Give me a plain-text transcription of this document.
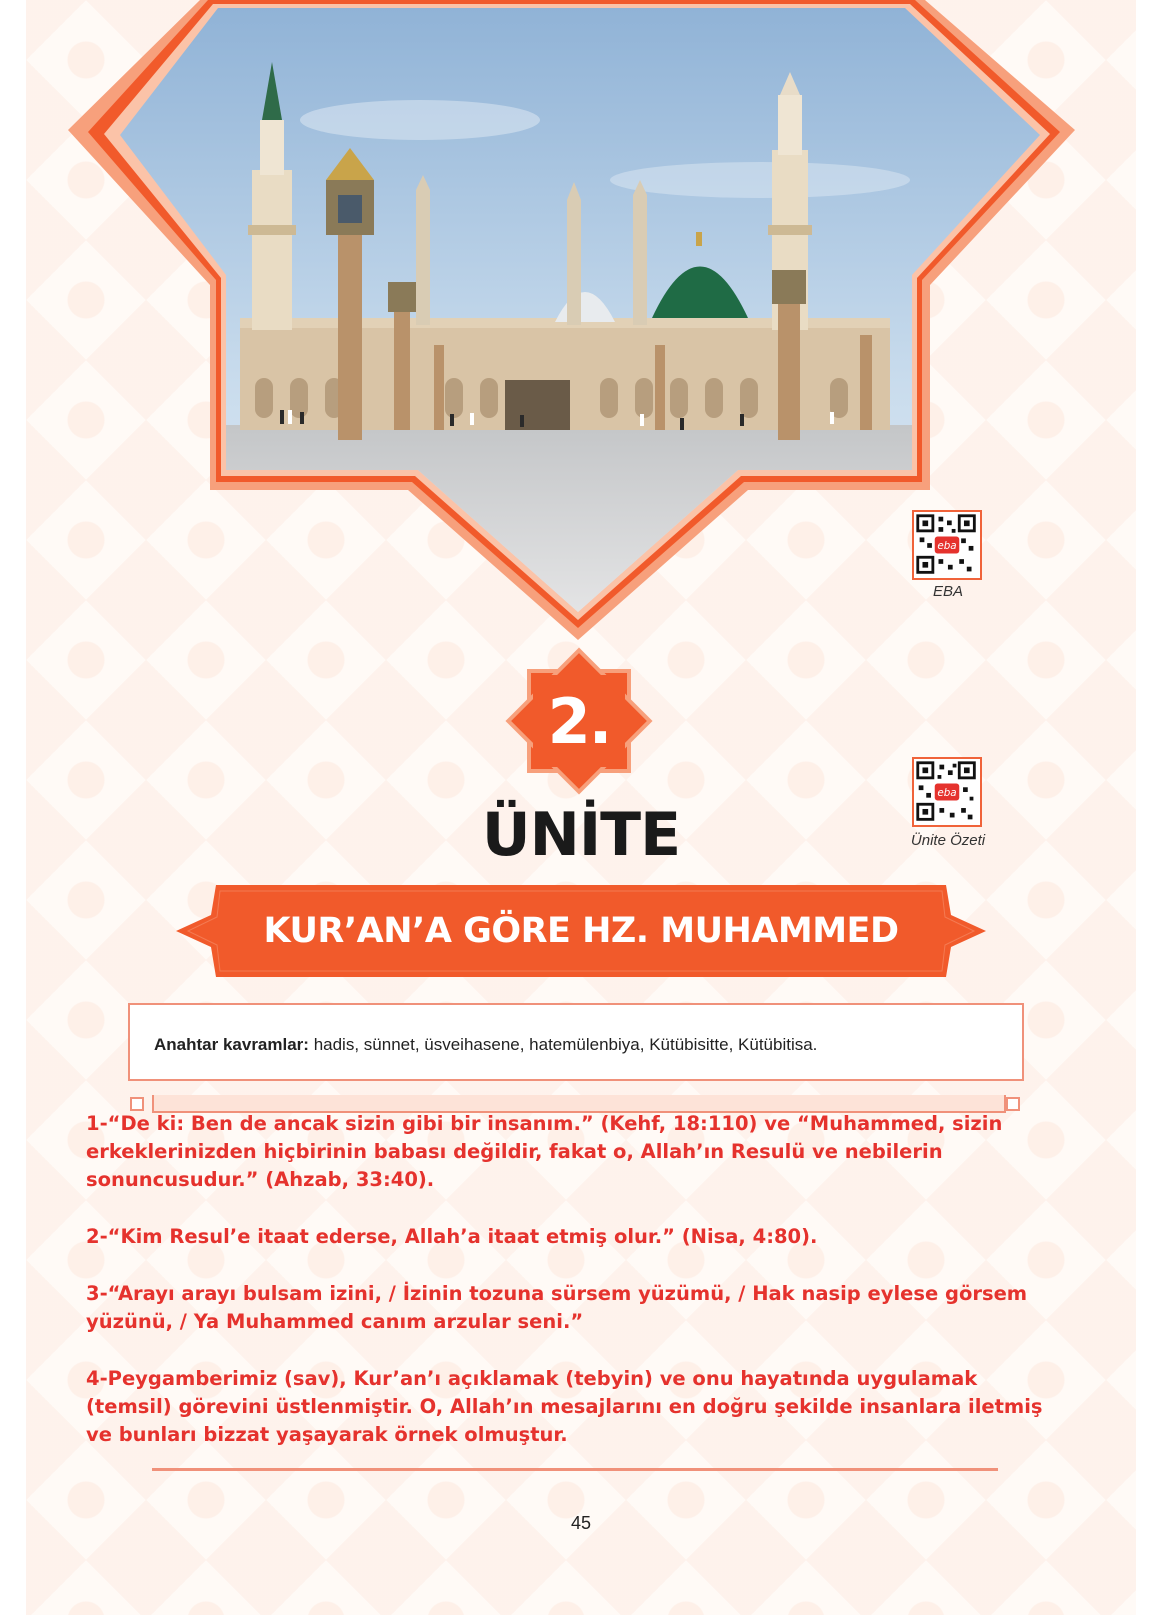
eba
EBA
eba
Ünite Özeti
2.
ÜNİTE
KUR’AN’A GÖRE HZ. MUHAMMED
Anahtar kavramlar: hadis, sünnet, üsveihasene, hatemülenbiya, Kütübisitte, Kütübitisa.

1-“De ki: Ben de ancak sizin gibi bir insanım.” (Kehf, 18:110) ve “Muhammed, sizin erkeklerinizden hiçbirinin babası değildir, fakat o, Allah’ın Resulü ve nebilerin sonuncusudur.” (Ahzab, 33:40).

2-“Kim Resul’e itaat ederse, Allah’a itaat etmiş olur.” (Nisa, 4:80).

3-“Arayı arayı bulsam izini, / İzinin tozuna sürsem yüzümü, / Hak nasip eylese görsem yüzünü, / Ya Muhammed canım arzular seni.”

4-Peygamberimiz (sav), Kur’an’ı açıklamak (tebyin) ve onu hayatında uygulamak (temsil) görevini üstlenmiştir. O, Allah’ın mesajlarını en doğru şekilde insanlara iletmiş ve bunları bizzat yaşayarak örnek olmuştur.

45
